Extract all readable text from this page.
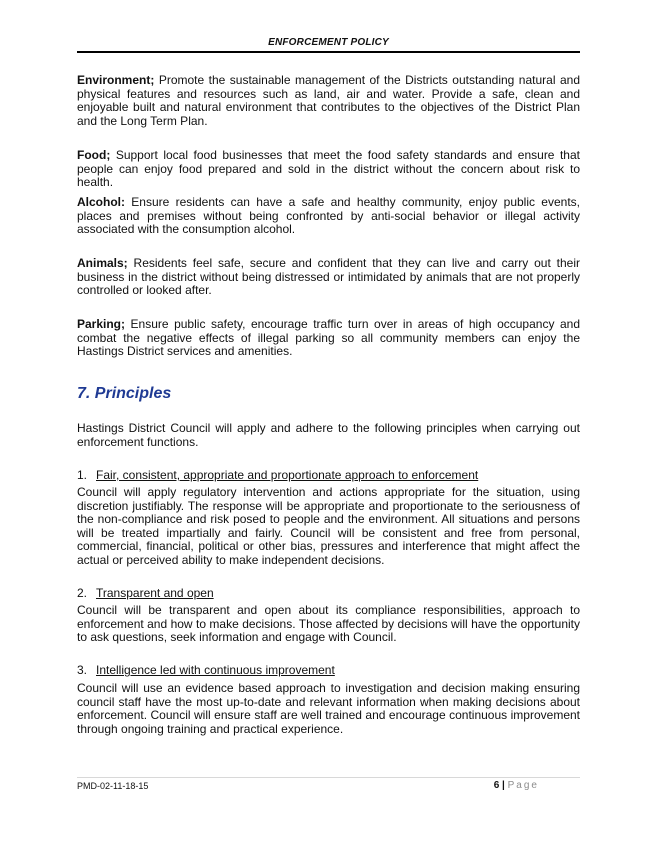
ENFORCEMENT POLICY

Environment; Promote the sustainable management of the Districts outstanding natural and physical features and resources such as land, air and water. Provide a safe, clean and enjoyable built and natural environment that contributes to the objectives of the District Plan and the Long Term Plan.

Food; Support local food businesses that meet the food safety standards and ensure that people can enjoy food prepared and sold in the district without the concern about risk to health.

Alcohol: Ensure residents can have a safe and healthy community, enjoy public events, places and premises without being confronted by anti-social behavior or illegal activity associated with the consumption alcohol.

Animals; Residents feel safe, secure and confident that they can live and carry out their business in the district without being distressed or intimidated by animals that are not properly controlled or looked after.

Parking; Ensure public safety, encourage traffic turn over in areas of high occupancy and combat the negative effects of illegal parking so all community members can enjoy the Hastings District services and amenities.

7. Principles

Hastings District Council will apply and adhere to the following principles when carrying out enforcement functions.

1. Fair, consistent, appropriate and proportionate approach to enforcement

Council will apply regulatory intervention and actions appropriate for the situation, using discretion justifiably. The response will be appropriate and proportionate to the seriousness of the non-compliance and risk posed to people and the environment. All situations and persons will be treated impartially and fairly. Council will be consistent and free from personal, commercial, financial, political or other bias, pressures and interference that might affect the actual or perceived ability to make independent decisions.

2. Transparent and open

Council will be transparent and open about its compliance responsibilities, approach to enforcement and how to make decisions. Those affected by decisions will have the opportunity to ask questions, seek information and engage with Council.

3. Intelligence led with continuous improvement

Council will use an evidence based approach to investigation and decision making ensuring council staff have the most up-to-date and relevant information when making decisions about enforcement. Council will ensure staff are well trained and encourage continuous improvement through ongoing training and practical experience.

PMD-02-11-18-15	6 | Page
